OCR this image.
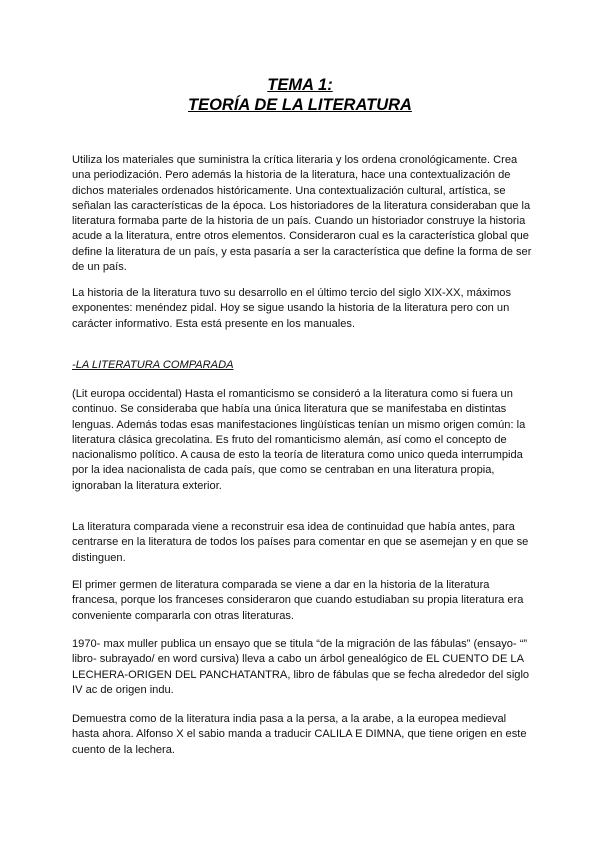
TEMA 1:
TEORÍA DE LA LITERATURA

Utiliza los materiales que suministra la crítica literaria y los ordena cronológicamente. Crea una periodización. Pero además la historia de la literatura, hace una contextualización de dichos materiales ordenados históricamente. Una contextualización cultural, artística, se señalan las características de la época. Los historiadores de la literatura consideraban que la literatura formaba parte de la historia de un país. Cuando un historiador construye la historia acude a la literatura, entre otros elementos. Consideraron cual es la característica global que define la literatura de un país, y esta pasaría a ser la característica que define la forma de ser de un país.

La historia de la literatura tuvo su desarrollo en el último tercio del siglo XIX-XX, máximos exponentes: menéndez pidal. Hoy se sigue usando la historia de la literatura pero con un carácter informativo. Esta está presente en los manuales.

-LA LITERATURA COMPARADA

(Lit europa occidental) Hasta el romanticismo se consideró a la literatura como si fuera un continuo. Se consideraba que había una única literatura que se manifestaba en distintas lenguas. Además todas esas manifestaciones lingüísticas tenían un mismo origen común: la literatura clásica grecolatina. Es fruto del romanticismo alemán, así como el concepto de nacionalismo político. A causa de esto la teoría de literatura como unico queda interrumpida por la idea nacionalista de cada país, que como se centraban en una literatura propia, ignoraban la literatura exterior.

La literatura comparada viene a reconstruir esa idea de continuidad que había antes, para centrarse en la literatura de todos los países para comentar en que se asemejan y en que se distinguen.

El primer germen de literatura comparada se viene a dar en la historia de la literatura francesa, porque los franceses consideraron que cuando estudiaban su propia literatura era conveniente compararla con otras literaturas.

1970- max muller publica un ensayo que se titula “de la migración de las fábulas” (ensayo- “” libro- subrayado/ en word cursiva) lleva a cabo un árbol genealógico de EL CUENTO DE LA LECHERA-ORIGEN DEL PANCHATANTRA, libro de fábulas que se fecha alrededor del siglo IV ac de origen indu.

Demuestra como de la literatura india pasa a la persa, a la arabe, a la europea medieval hasta ahora. Alfonso X el sabio manda a traducir CALILA E DIMNA, que tiene origen en este cuento de la lechera.
